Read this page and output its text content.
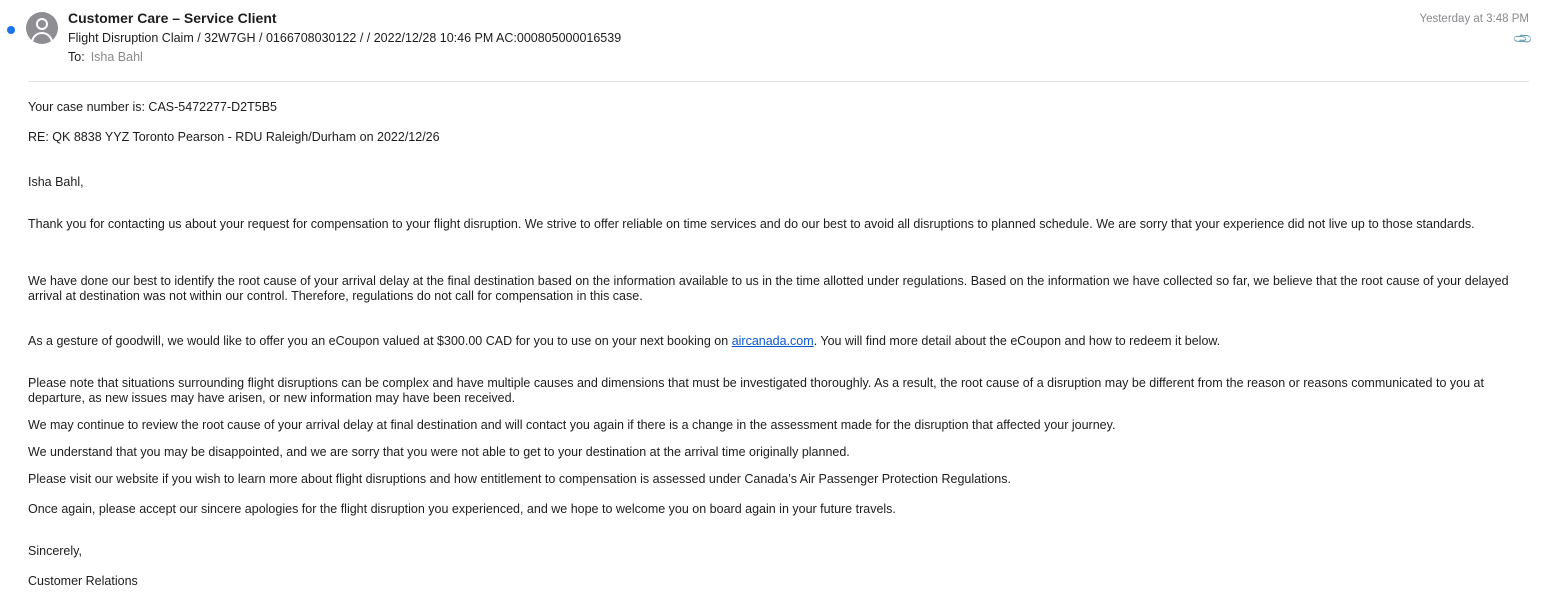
Customer Care – Service Client
Flight Disruption Claim / 32W7GH / 0166708030122 / / 2022/12/28 10:46 PM AC:000805000016539
To: Isha Bahl
Yesterday at 3:48 PM
📎
Your case number is: CAS-5472277-D2T5B5
RE: QK 8838 YYZ Toronto Pearson - RDU Raleigh/Durham on 2022/12/26
Isha Bahl,
Thank you for contacting us about your request for compensation to your flight disruption. We strive to offer reliable on time services and do our best to avoid all disruptions to planned schedule. We are sorry that your experience did not live up to those standards.
We have done our best to identify the root cause of your arrival delay at the final destination based on the information available to us in the time allotted under regulations. Based on the information we have collected so far, we believe that the root cause of your delayed arrival at destination was not within our control. Therefore, regulations do not call for compensation in this case.
As a gesture of goodwill, we would like to offer you an eCoupon valued at $300.00 CAD for you to use on your next booking on aircanada.com. You will find more detail about the eCoupon and how to redeem it below.
Please note that situations surrounding flight disruptions can be complex and have multiple causes and dimensions that must be investigated thoroughly. As a result, the root cause of a disruption may be different from the reason or reasons communicated to you at departure, as new issues may have arisen, or new information may have been received.
We may continue to review the root cause of your arrival delay at final destination and will contact you again if there is a change in the assessment made for the disruption that affected your journey.
We understand that you may be disappointed, and we are sorry that you were not able to get to your destination at the arrival time originally planned.
Please visit our website if you wish to learn more about flight disruptions and how entitlement to compensation is assessed under Canada’s Air Passenger Protection Regulations.
Once again, please accept our sincere apologies for the flight disruption you experienced, and we hope to welcome you on board again in your future travels.
Sincerely,
Customer Relations
